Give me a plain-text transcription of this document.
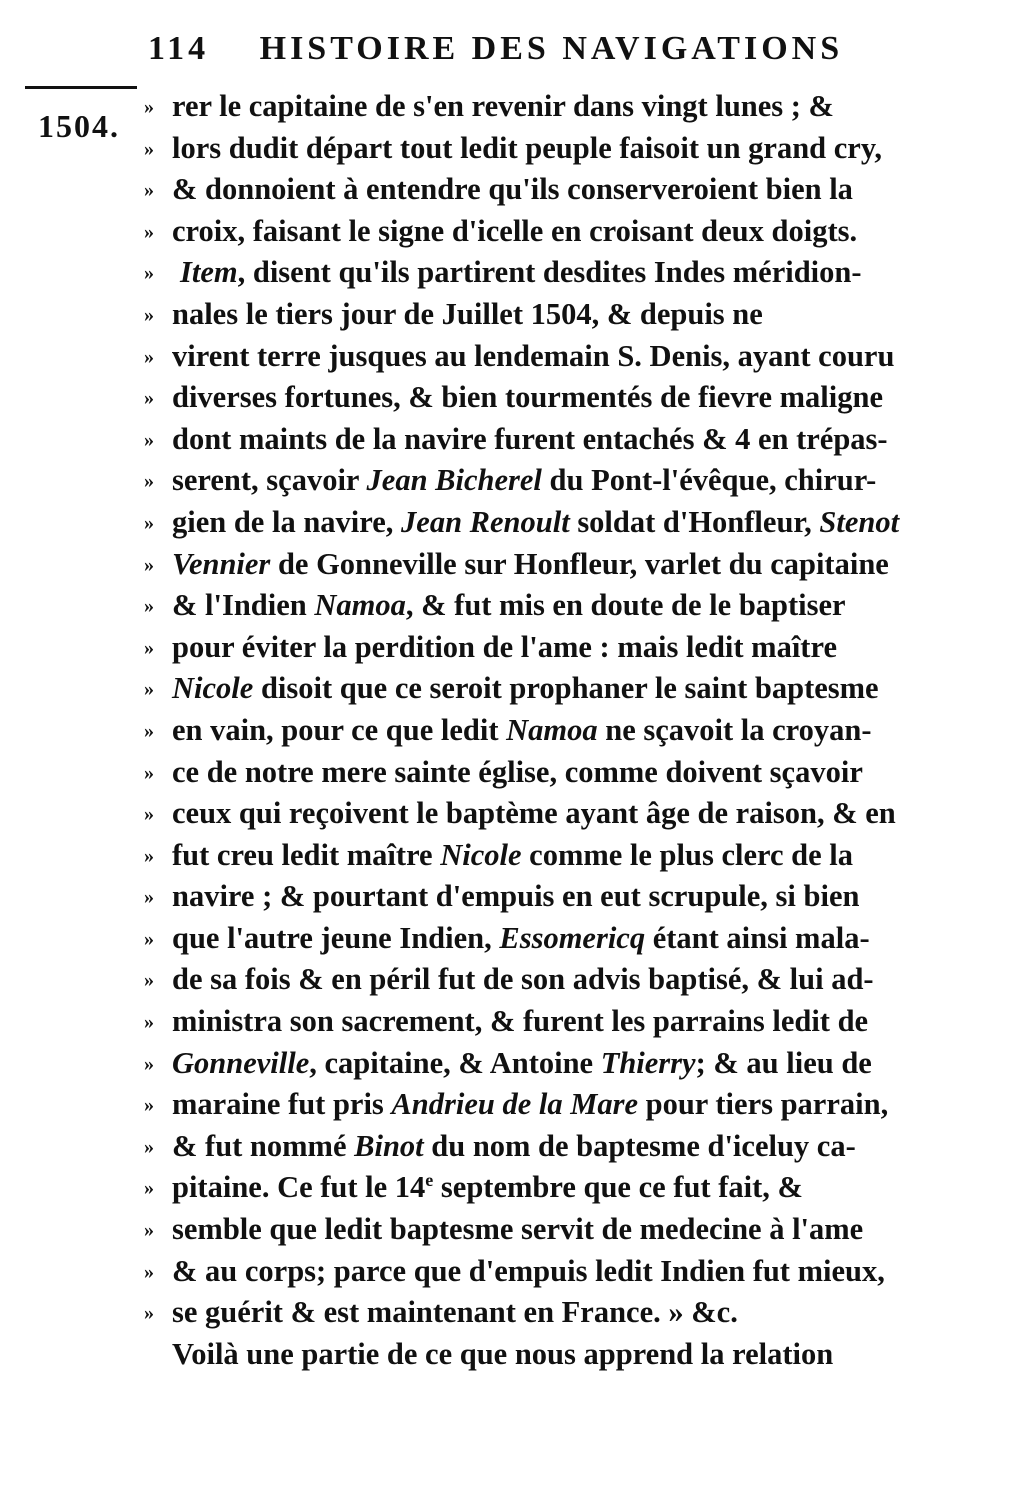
114 HISTOIRE DES NAVIGATIONS
1504.
» rer le capitaine de s'en revenir dans vingt lunes ; &
» lors dudit départ tout ledit peuple faisoit un grand cry,
» & donnoient à entendre qu'ils conserveroient bien la
» croix, faisant le signe d'icelle en croisant deux doigts.
» Item, disent qu'ils partirent desdites Indes méridion-
» nales le tiers jour de Juillet 1504, & depuis ne
» virent terre jusques au lendemain S. Denis, ayant couru
» diverses fortunes, & bien tourmentés de fievre maligne
» dont maints de la navire furent entachés & 4 en trépas-
» serent, sçavoir Jean Bicherel du Pont-l'évêque, chirur-
» gien de la navire, Jean Renoult soldat d'Honfleur, Stenot
» Vennier de Gonneville sur Honfleur, varlet du capitaine
» & l'Indien Namoa, & fut mis en doute de le baptiser
» pour éviter la perdition de l'ame : mais ledit maître
» Nicole disoit que ce seroit prophaner le saint baptesme
» en vain, pour ce que ledit Namoa ne sçavoit la croyan-
» ce de notre mere sainte église, comme doivent sçavoir
» ceux qui reçoivent le baptème ayant âge de raison, & en
» fut creu ledit maître Nicole comme le plus clerc de la
» navire ; & pourtant d'empuis en eut scrupule, si bien
» que l'autre jeune Indien, Essomericq étant ainsi mala-
» de sa fois & en péril fut de son advis baptisé, & lui ad-
» ministra son sacrement, & furent les parrains ledit de
» Gonneville, capitaine, & Antoine Thierry; & au lieu de
» maraine fut pris Andrieu de la Mare pour tiers parrain,
» & fut nommé Binot du nom de baptesme d'iceluy ca-
» pitaine. Ce fut le 14e septembre que ce fut fait, &
» semble que ledit baptesme servit de medecine à l'ame
» & au corps; parce que d'empuis ledit Indien fut mieux,
» se guérit & est maintenant en France. » &c.
Voilà une partie de ce que nous apprend la relation
